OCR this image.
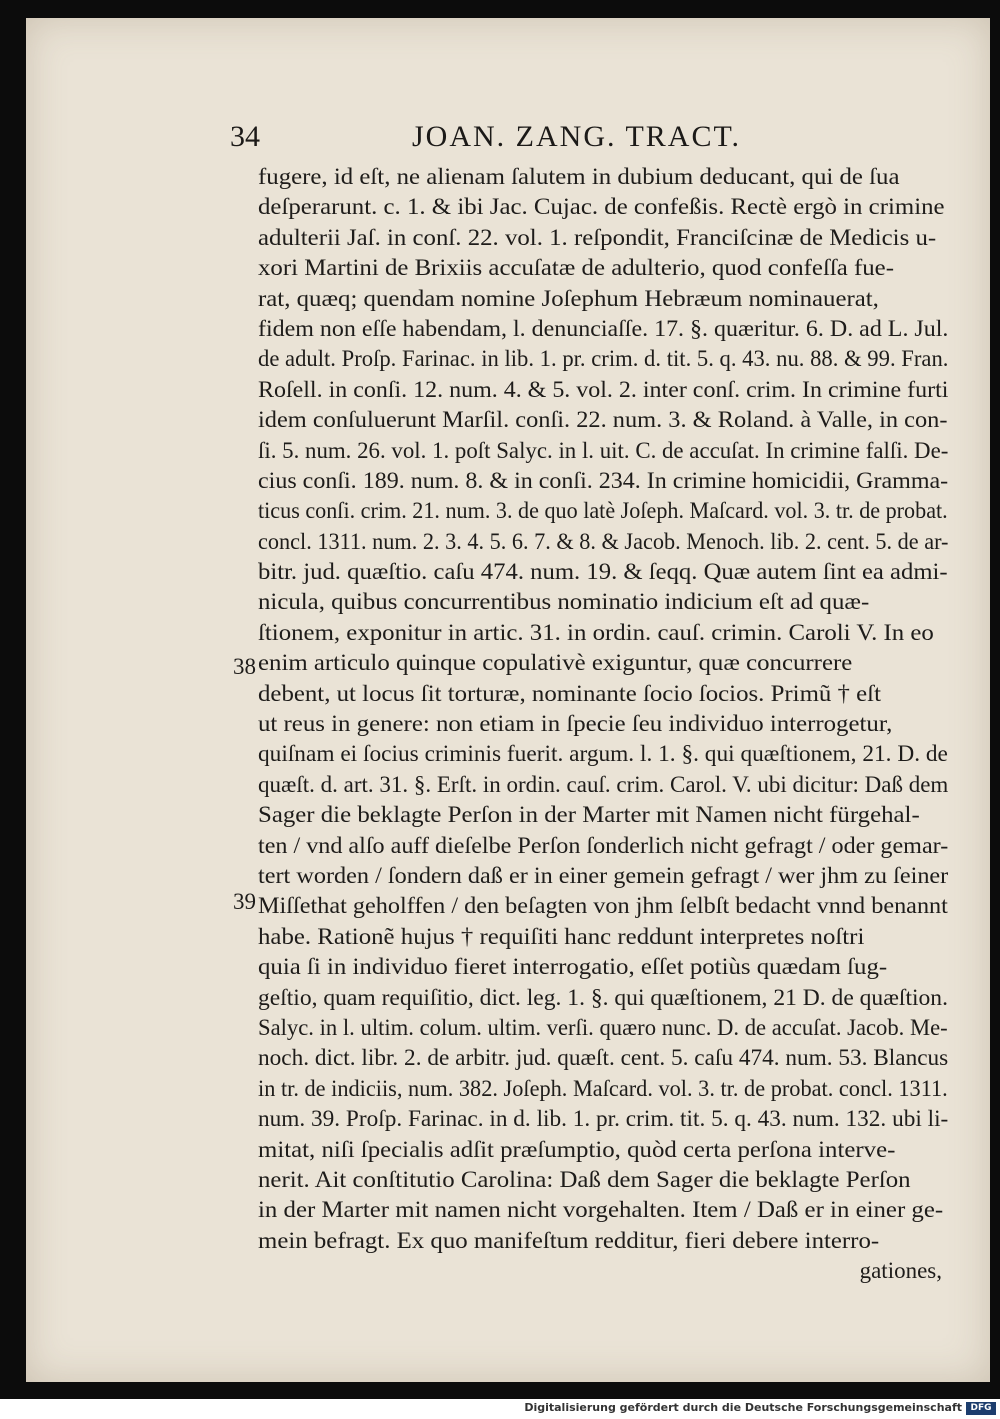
34	JOAN. ZANG. TRACT.
38
39
fugere, id eſt, ne alienam ſalutem in dubium deducant, qui de ſua
deſperarunt. c. 1. & ibi Jac. Cujac. de confeßis. Rectè ergò in crimine
adulterii Jaſ. in conſ. 22. vol. 1. reſpondit, Franciſcinæ de Medicis u-
xori Martini de Brixiis accuſatæ de adulterio, quod confeſſa fue-
rat, quæq; quendam nomine Joſephum Hebræum nominauerat,
fidem non eſſe habendam, l. denunciaſſe. 17. §. quæritur. 6. D. ad L. Jul.
de adult. Proſp. Farinac. in lib. 1. pr. crim. d. tit. 5. q. 43. nu. 88. & 99. Fran.
Roſell. in conſi. 12. num. 4. & 5. vol. 2. inter conſ. crim. In crimine furti
idem conſuluerunt Marſil. conſi. 22. num. 3. & Roland. à Valle, in con-
ſi. 5. num. 26. vol. 1. poſt Salyc. in l. uit. C. de accuſat. In crimine falſi. De-
cius conſi. 189. num. 8. & in conſi. 234. In crimine homicidii, Gramma-
ticus conſi. crim. 21. num. 3. de quo latè Joſeph. Maſcard. vol. 3. tr. de probat.
concl. 1311. num. 2. 3. 4. 5. 6. 7. & 8. & Jacob. Menoch. lib. 2. cent. 5. de ar-
bitr. jud. quæſtio. caſu 474. num. 19. & ſeqq. Quæ autem ſint ea admi-
nicula, quibus concurrentibus nominatio indicium eſt ad quæ-
ſtionem, exponitur in artic. 31. in ordin. cauſ. crimin. Caroli V. In eo
enim articulo quinque copulativè exiguntur, quæ concurrere
debent, ut locus ſit torturæ, nominante ſocio ſocios. Primũ † eſt
ut reus in genere: non etiam in ſpecie ſeu individuo interrogetur,
quiſnam ei ſocius criminis fuerit. argum. l. 1. §. qui quæſtionem, 21. D. de
quæſt. d. art. 31. §. Erſt. in ordin. cauſ. crim. Carol. V. ubi dicitur: Daß dem
Sager die beklagte Perſon in der Marter mit Namen nicht fürgehal-
ten / vnd alſo auff dieſelbe Perſon ſonderlich nicht gefragt / oder gemar-
tert worden / ſondern daß er in einer gemein gefragt / wer jhm zu ſeiner
Miſſethat geholffen / den beſagten von jhm ſelbſt bedacht vnnd benannt
habe. Rationẽ hujus † requiſiti hanc reddunt interpretes noſtri
quia ſi in individuo fieret interrogatio, eſſet potiùs quædam ſug-
geſtio, quam requiſitio, dict. leg. 1. §. qui quæſtionem, 21 D. de quæſtion.
Salyc. in l. ultim. colum. ultim. verſi. quæro nunc. D. de accuſat. Jacob. Me-
noch. dict. libr. 2. de arbitr. jud. quæſt. cent. 5. caſu 474. num. 53. Blancus
in tr. de indiciis, num. 382. Joſeph. Maſcard. vol. 3. tr. de probat. concl. 1311.
num. 39. Proſp. Farinac. in d. lib. 1. pr. crim. tit. 5. q. 43. num. 132. ubi li-
mitat, niſi ſpecialis adſit præſumptio, quòd certa perſona interve-
nerit. Ait conſtitutio Carolina: Daß dem Sager die beklagte Perſon
in der Marter mit namen nicht vorgehalten. Item / Daß er in einer ge-
mein befragt. Ex quo manifeſtum redditur, fieri debere interro-
gationes,
Digitalisierung gefördert durch die Deutsche Forschungsgemeinschaft DFG
